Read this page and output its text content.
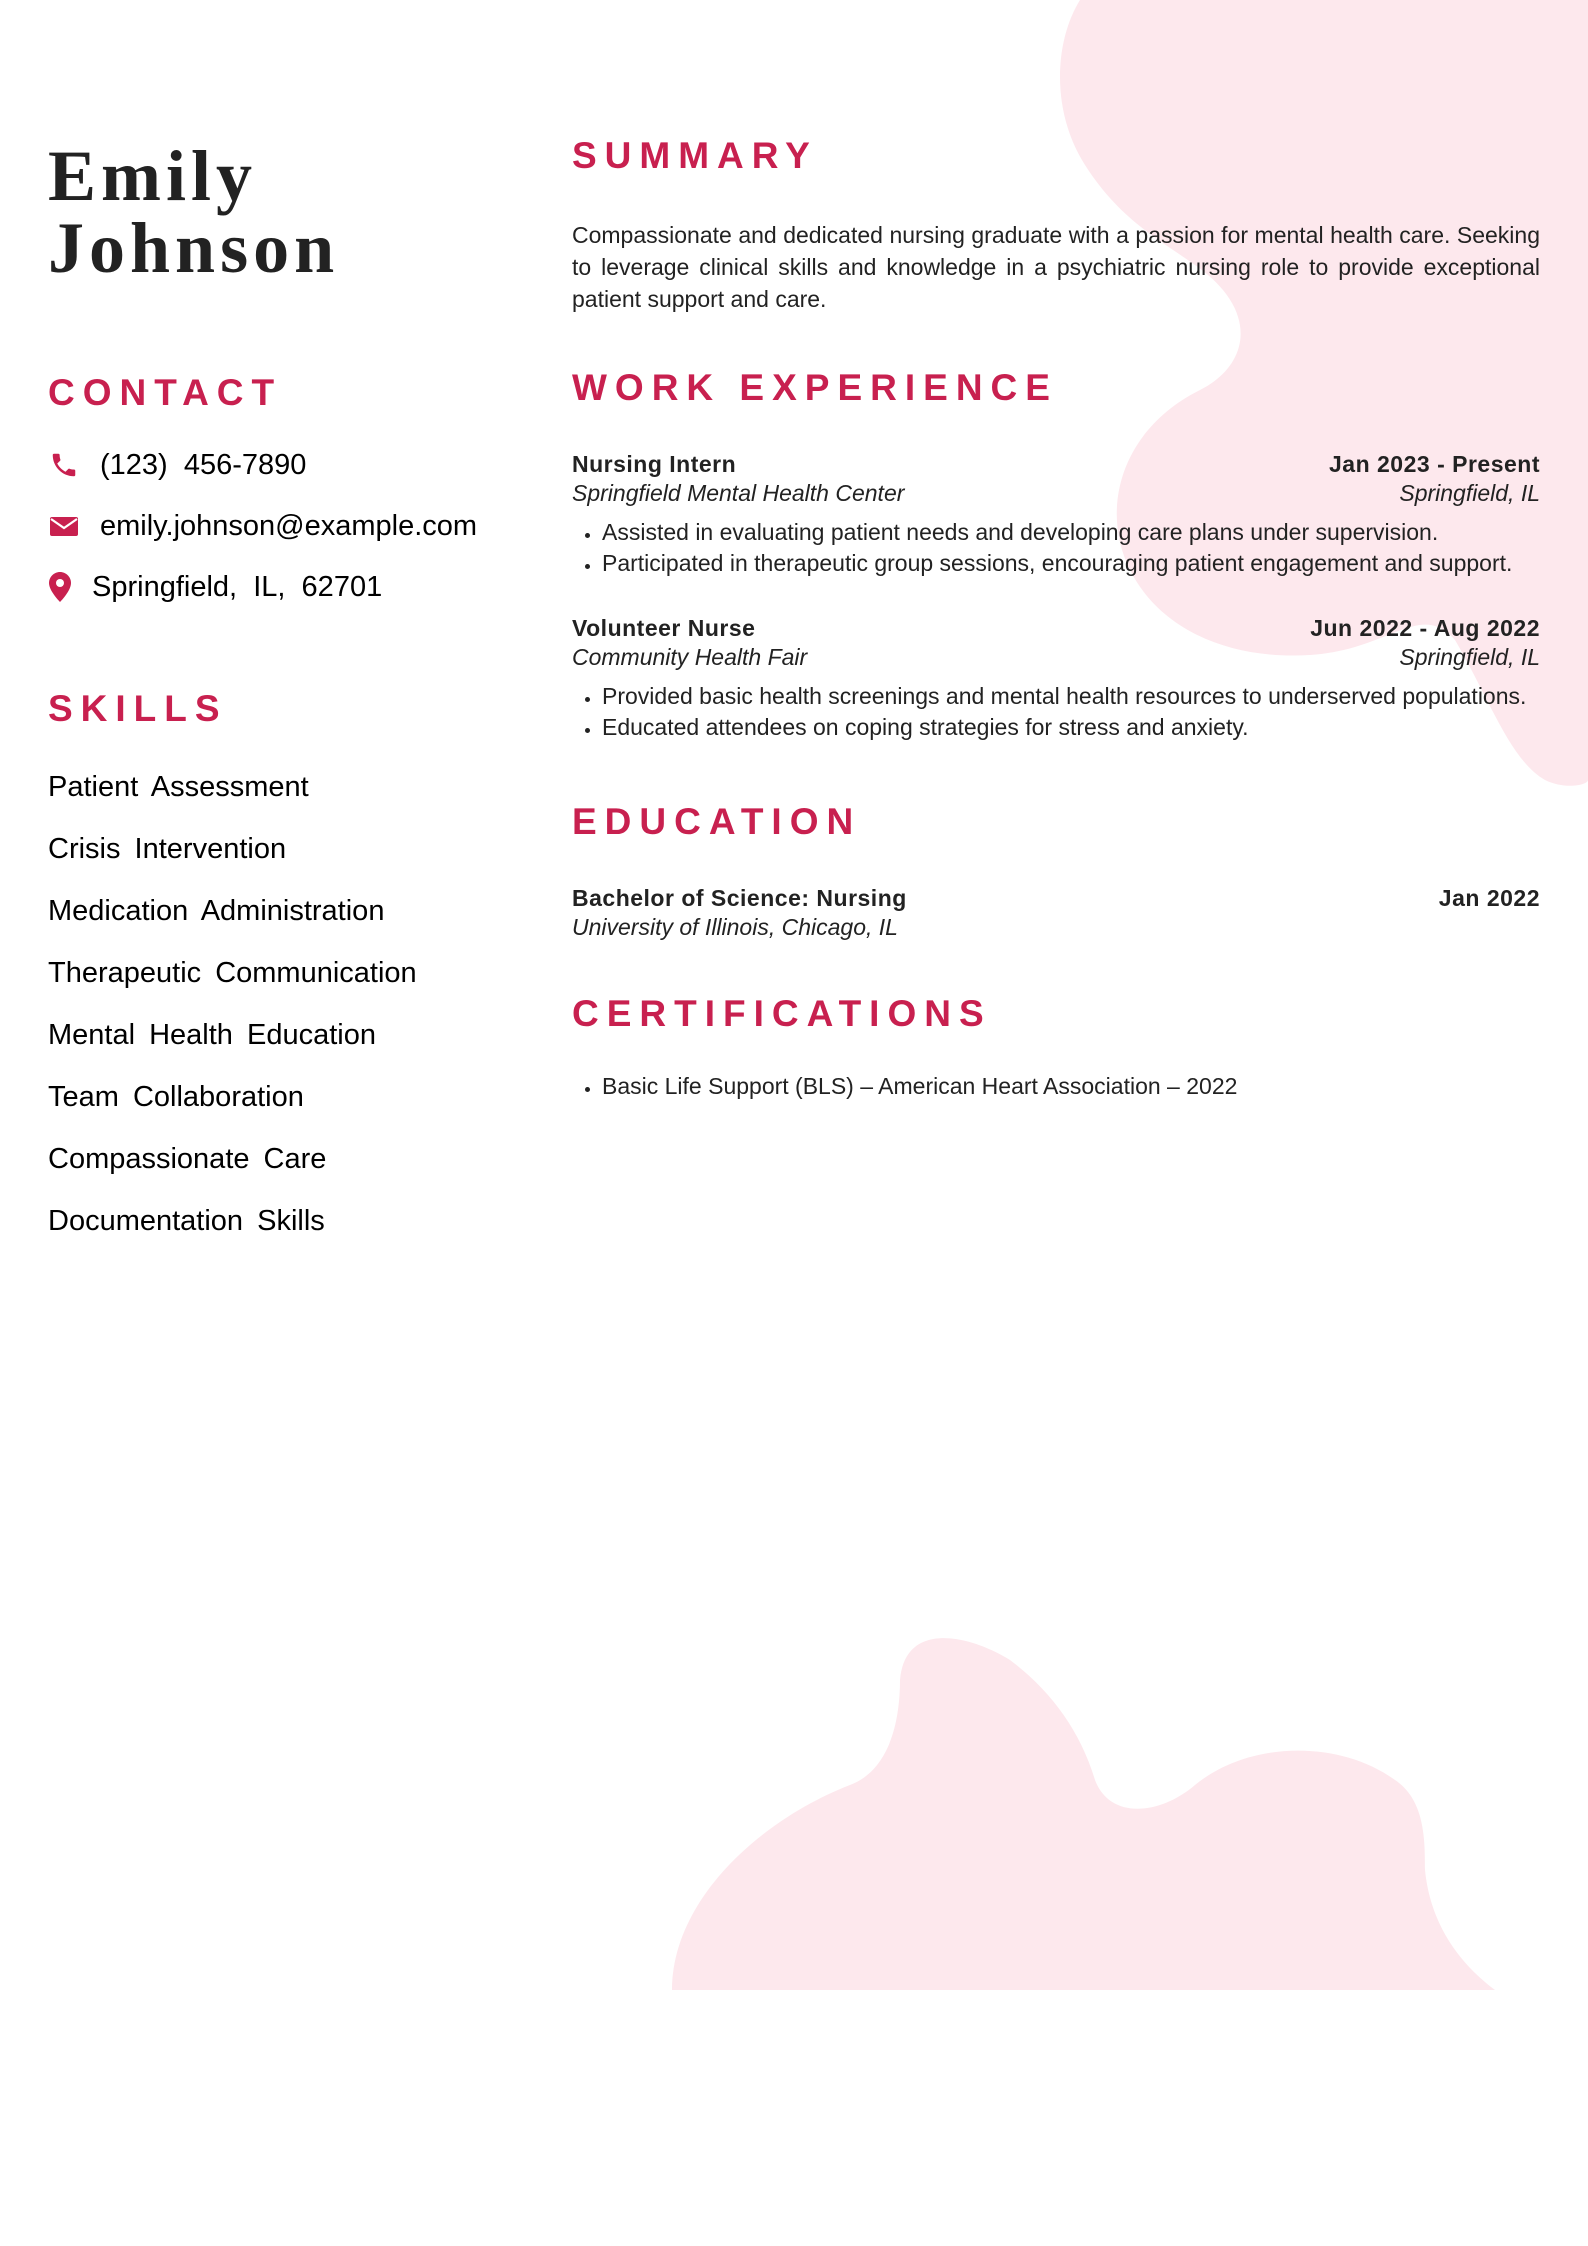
Emily
Johnson
CONTACT
(123)  456-7890
emily.johnson@example.com
Springfield,  IL,  62701
SKILLS
Patient Assessment
Crisis Intervention
Medication Administration
Therapeutic Communication
Mental Health Education
Team Collaboration
Compassionate Care
Documentation Skills
SUMMARY

Compassionate and dedicated nursing graduate with a passion for mental health care. Seeking to leverage clinical skills and knowledge in a psychiatric nursing role to provide exceptional patient support and care.

WORK EXPERIENCE
Nursing Intern	Jan 2023 - Present
Springfield Mental Health Center	Springfield, IL
• Assisted in evaluating patient needs and developing care plans under supervision.
• Participated in therapeutic group sessions, encouraging patient engagement and support.
Volunteer Nurse	Jun 2022 - Aug 2022
Community Health Fair	Springfield, IL
• Provided basic health screenings and mental health resources to underserved populations.
• Educated attendees on coping strategies for stress and anxiety.
EDUCATION
Bachelor of Science: Nursing	Jan 2022
University of Illinois, Chicago, IL
CERTIFICATIONS
• Basic Life Support (BLS) – American Heart Association – 2022
